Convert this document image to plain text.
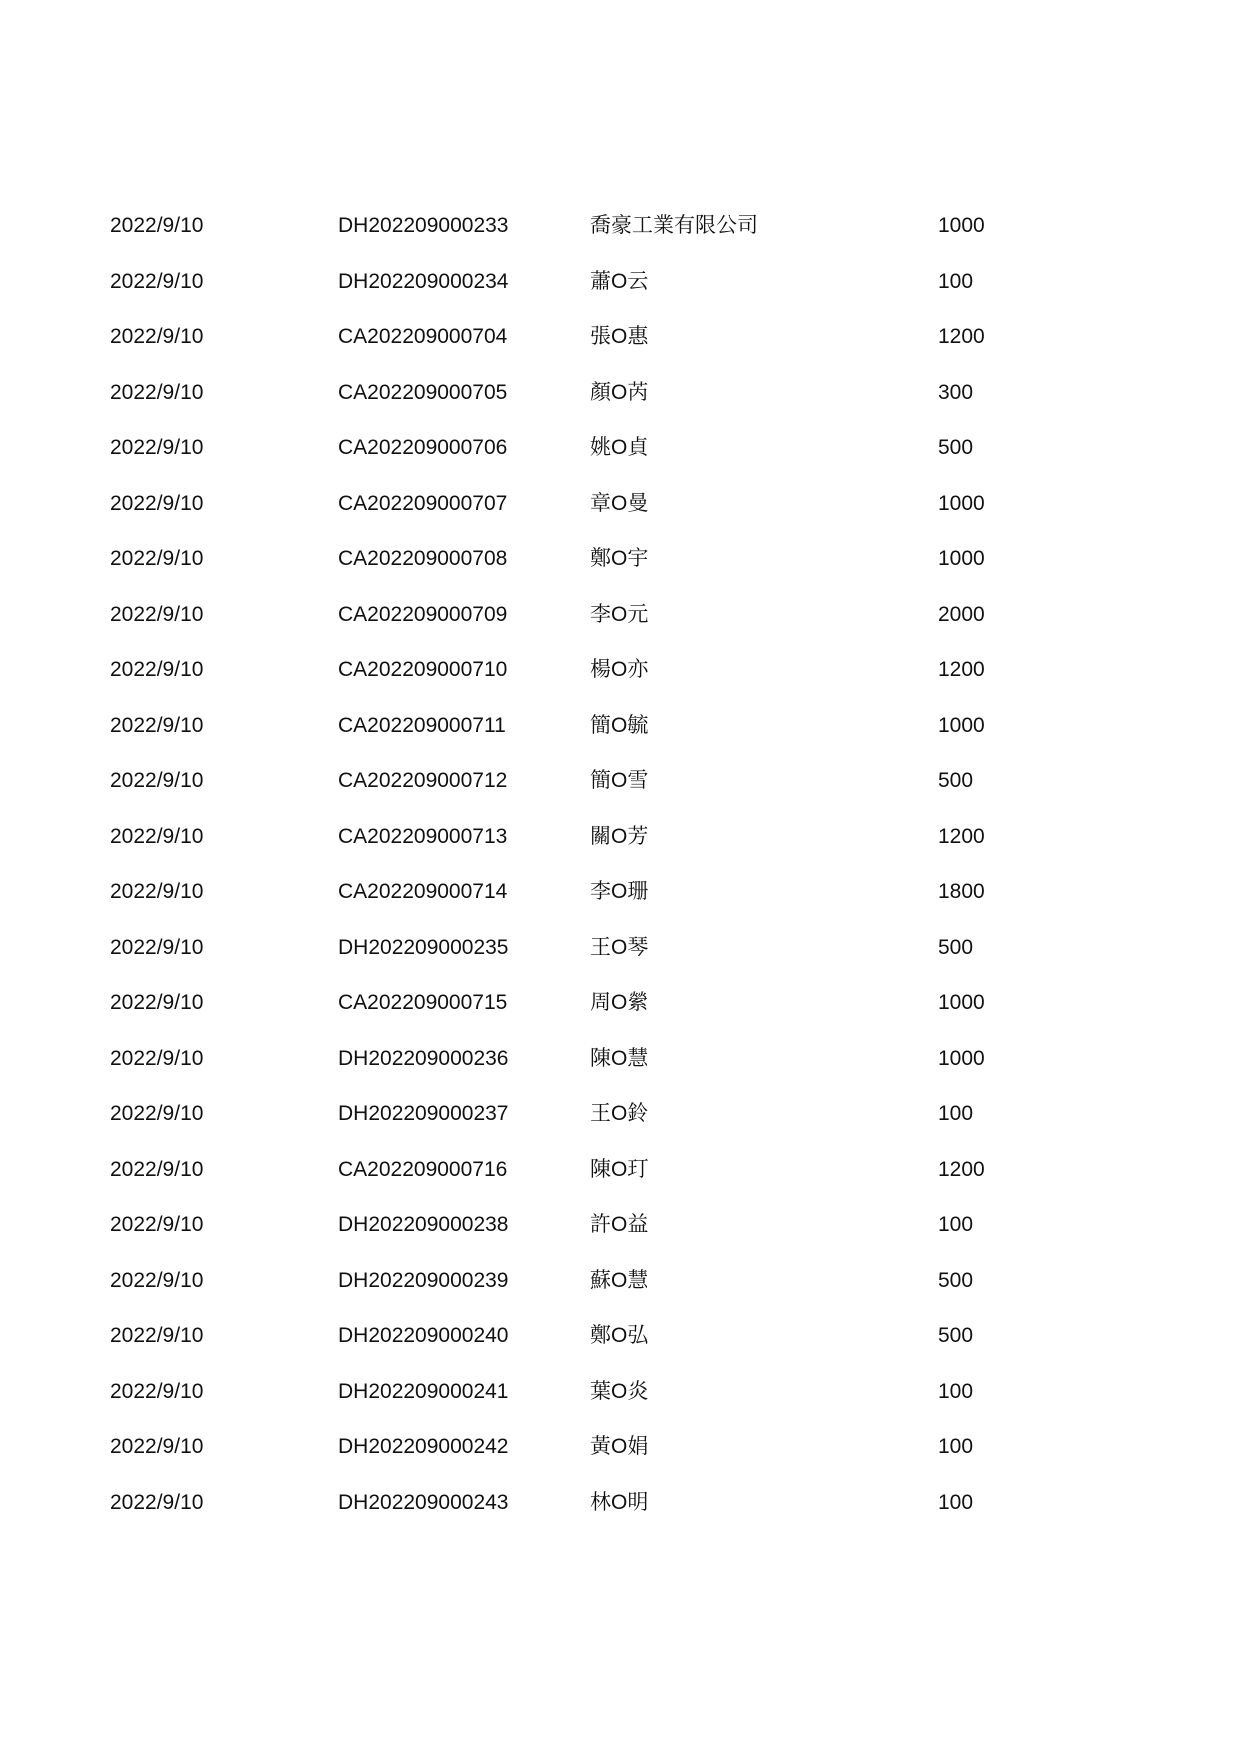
2022/9/10	DH202209000233	喬豪工業有限公司	1000
2022/9/10	DH202209000234	蕭O云	100
2022/9/10	CA202209000704	張O惠	1200
2022/9/10	CA202209000705	顏O芮	300
2022/9/10	CA202209000706	姚O貞	500
2022/9/10	CA202209000707	章O曼	1000
2022/9/10	CA202209000708	鄭O宇	1000
2022/9/10	CA202209000709	李O元	2000
2022/9/10	CA202209000710	楊O亦	1200
2022/9/10	CA202209000711	簡O毓	1000
2022/9/10	CA202209000712	簡O雪	500
2022/9/10	CA202209000713	關O芳	1200
2022/9/10	CA202209000714	李O珊	1800
2022/9/10	DH202209000235	王O琴	500
2022/9/10	CA202209000715	周O縈	1000
2022/9/10	DH202209000236	陳O慧	1000
2022/9/10	DH202209000237	王O鈴	100
2022/9/10	CA202209000716	陳O玎	1200
2022/9/10	DH202209000238	許O益	100
2022/9/10	DH202209000239	蘇O慧	500
2022/9/10	DH202209000240	鄭O弘	500
2022/9/10	DH202209000241	葉O炎	100
2022/9/10	DH202209000242	黃O娟	100
2022/9/10	DH202209000243	林O明	100
